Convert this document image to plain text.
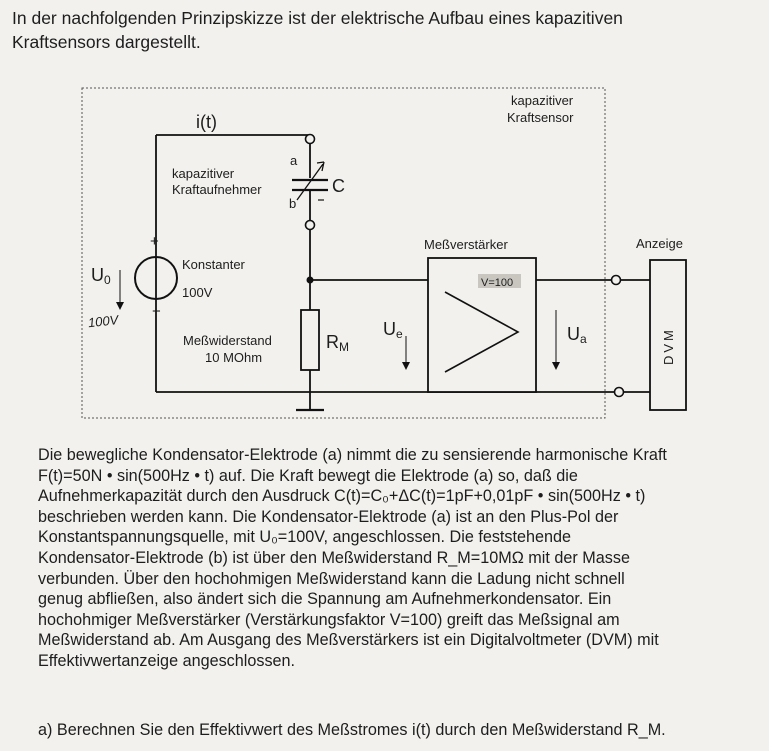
In der nachfolgenden Prinzipskizze ist der elektrische Aufbau eines kapazitiven
Kraftsensors dargestellt.
i(t)
kapazitiver
Kraftsensor
kapazitiver
Kraftaufnehmer
a
b
C
+
−
U0
100V
Konstanter
100V
Meßverstärker
V=100
Anzeige
DVM
Meßwiderstand
10 MOhm
RM
Ue	Ua

Die bewegliche Kondensator-Elektrode (a) nimmt die zu sensierende harmonische Kraft

F(t)=50N • sin(500Hz • t) auf. Die Kraft bewegt die Elektrode (a) so, daß die

Aufnehmerkapazität durch den Ausdruck C(t)=C₀+ΔC(t)=1pF+0,01pF • sin(500Hz • t)

beschrieben werden kann. Die Kondensator-Elektrode (a) ist an den Plus-Pol der

Konstantspannungsquelle, mit U₀=100V, angeschlossen. Die feststehende

Kondensator-Elektrode (b) ist über den Meßwiderstand R_M=10MΩ mit der Masse

verbunden. Über den hochohmigen Meßwiderstand kann die Ladung nicht schnell

genug abfließen, also ändert sich die Spannung am Aufnehmerkondensator. Ein

hochohmiger Meßverstärker (Verstärkungsfaktor V=100) greift das Meßsignal am

Meßwiderstand ab. Am Ausgang des Meßverstärkers ist ein Digitalvoltmeter (DVM) mit

Effektivwertanzeige angeschlossen.

a) Berechnen Sie den Effektivwert des Meßstromes i(t) durch den Meßwiderstand R_M.
